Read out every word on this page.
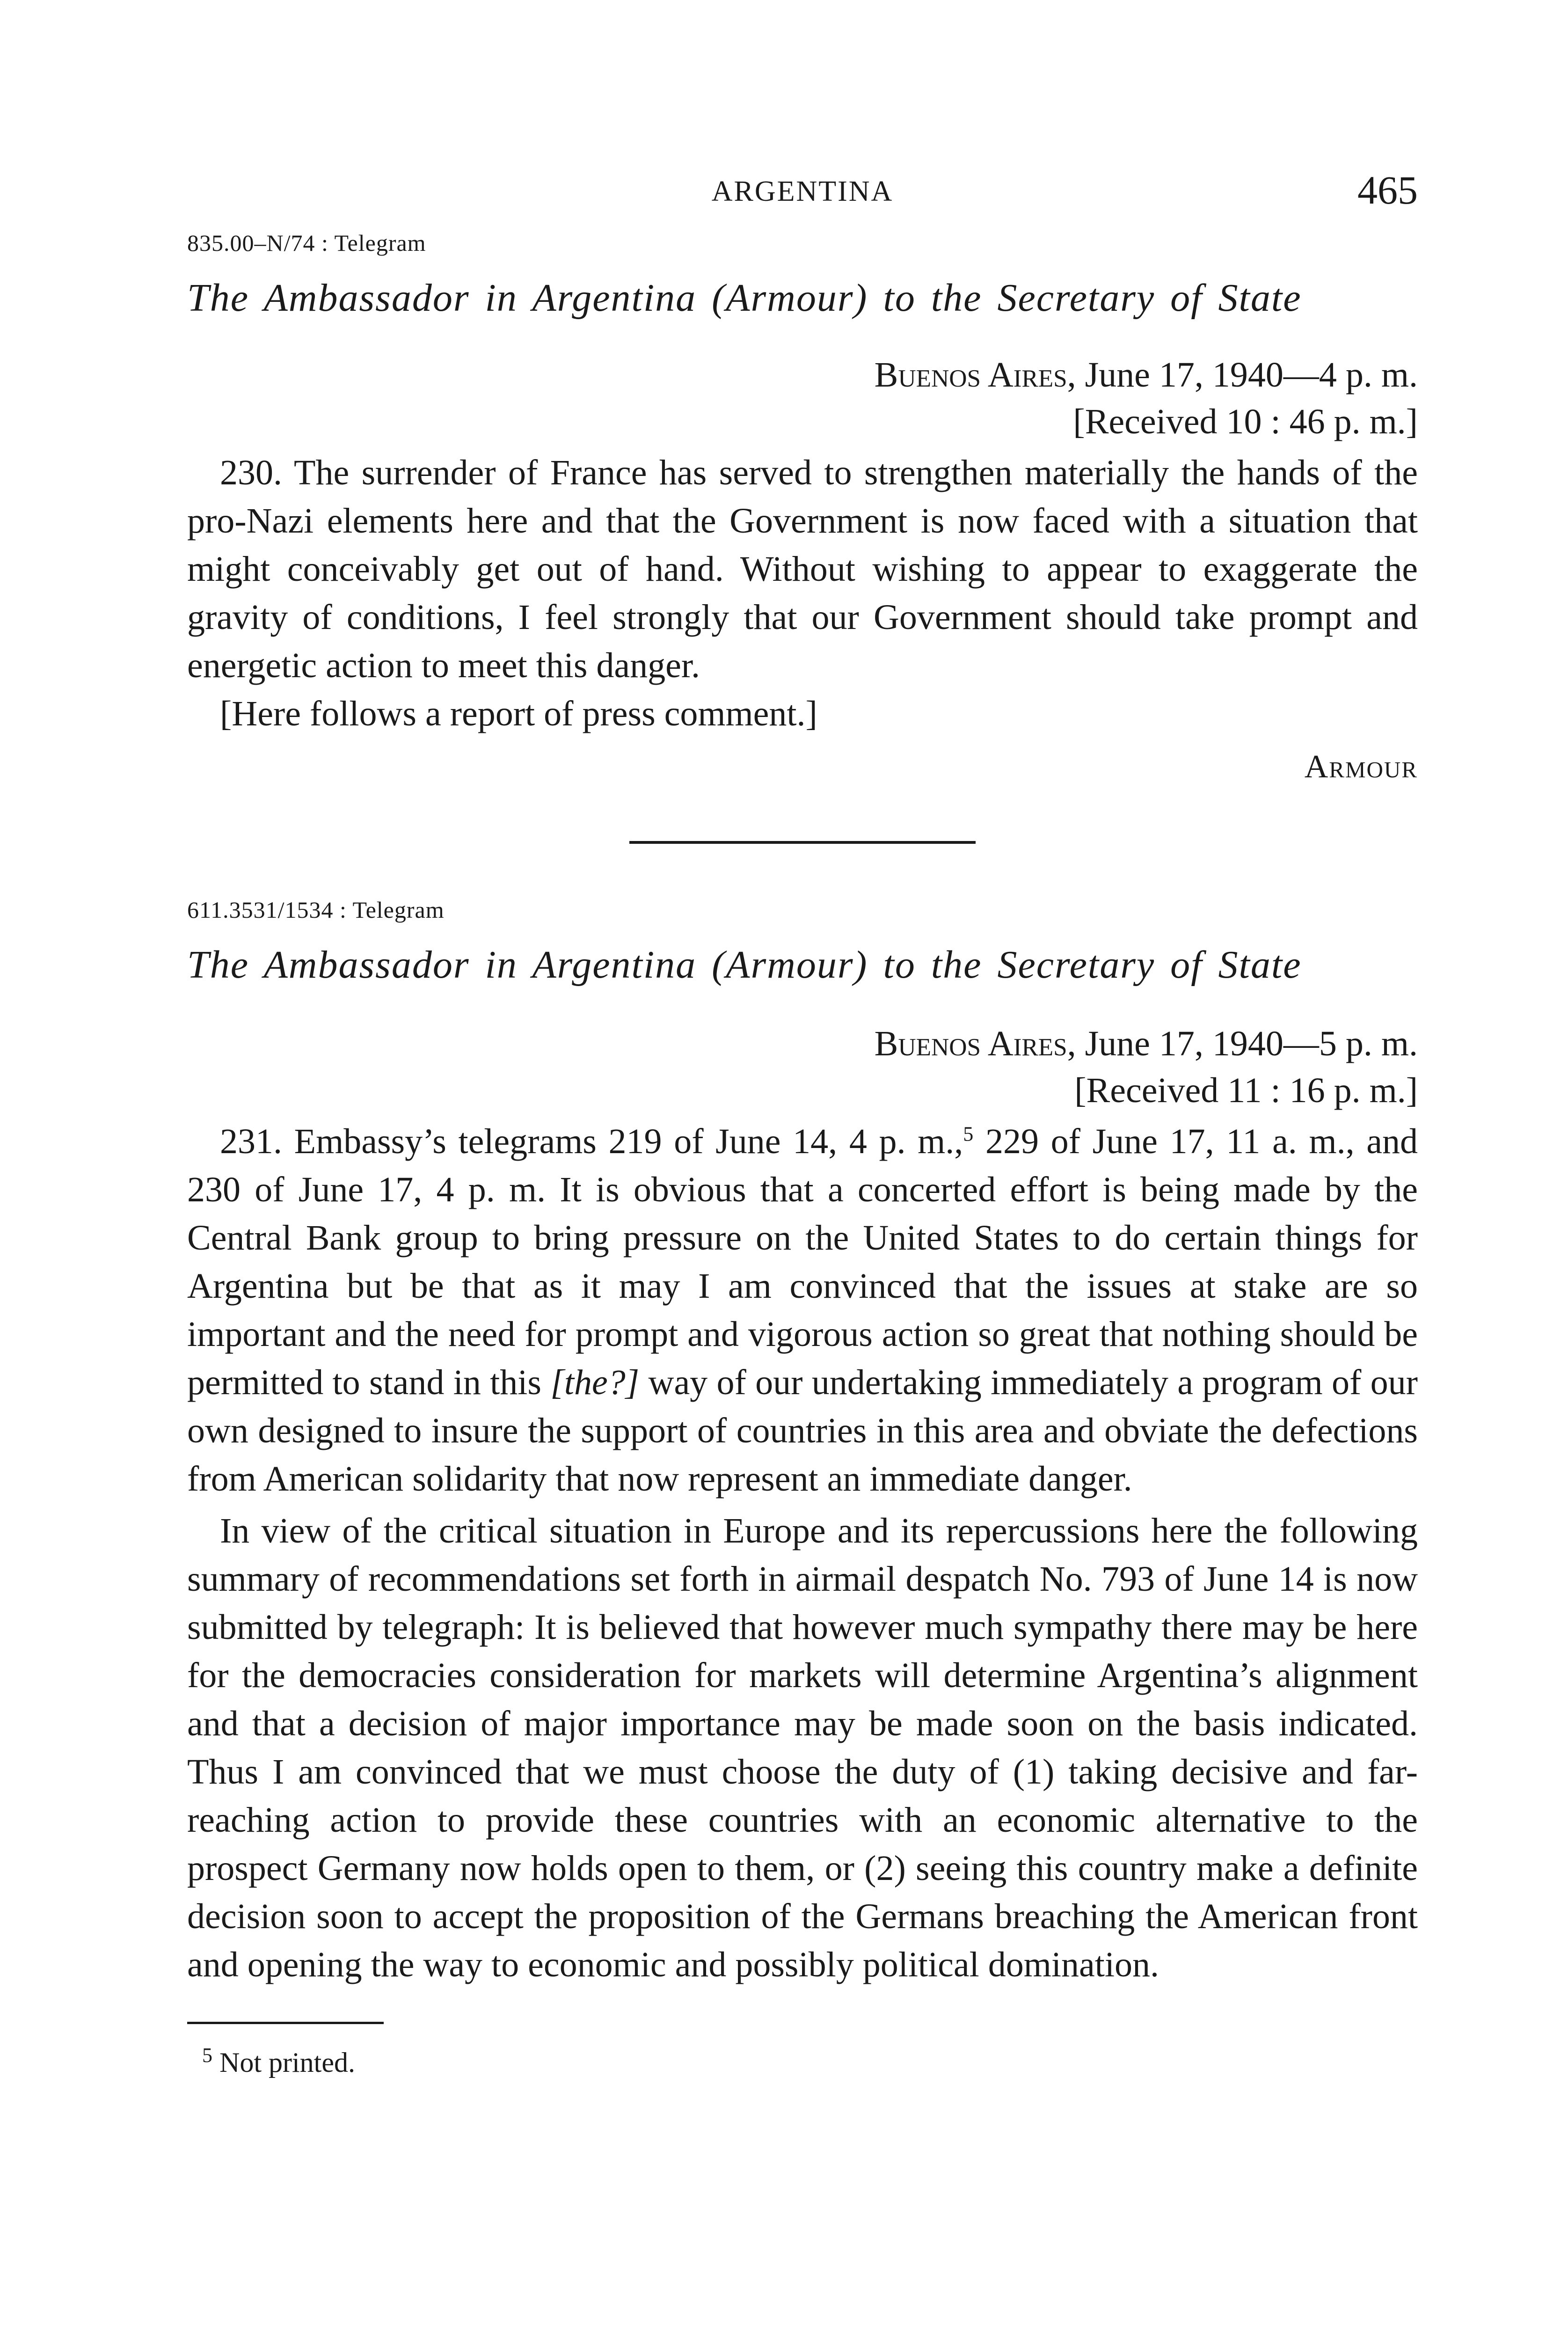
ARGENTINA	465
835.00–N/74 : Telegram
The Ambassador in Argentina (Armour) to the Secretary of State
Buenos Aires, June 17, 1940—4 p. m.
[Received 10 : 46 p. m.]

230. The surrender of France has served to strengthen materially the hands of the pro-Nazi elements here and that the Government is now faced with a situation that might conceivably get out of hand. Without wishing to appear to exaggerate the gravity of conditions, I feel strongly that our Government should take prompt and energetic action to meet this danger.

[Here follows a report of press comment.]

Armour
611.3531/1534 : Telegram
The Ambassador in Argentina (Armour) to the Secretary of State
Buenos Aires, June 17, 1940—5 p. m.
[Received 11 : 16 p. m.]

231. Embassy’s telegrams 219 of June 14, 4 p. m.,$^5$ 229 of June 17, 11 a. m., and 230 of June 17, 4 p. m. It is obvious that a concerted effort is being made by the Central Bank group to bring pressure on the United States to do certain things for Argentina but be that as it may I am convinced that the issues at stake are so important and the need for prompt and vigorous action so great that nothing should be permitted to stand in this [the?] way of our undertaking immediately a program of our own designed to insure the support of countries in this area and obviate the defections from American solidarity that now represent an immediate danger.

In view of the critical situation in Europe and its repercussions here the following summary of recommendations set forth in airmail despatch No. 793 of June 14 is now submitted by telegraph: It is believed that however much sympathy there may be here for the democracies consideration for markets will determine Argentina’s alignment and that a decision of major importance may be made soon on the basis indicated. Thus I am convinced that we must choose the duty of (1) taking decisive and far-reaching action to provide these countries with an economic alternative to the prospect Germany now holds open to them, or (2) seeing this country make a definite decision soon to accept the proposition of the Germans breaching the American front and opening the way to economic and possibly political domination.

$^5$ Not printed.
